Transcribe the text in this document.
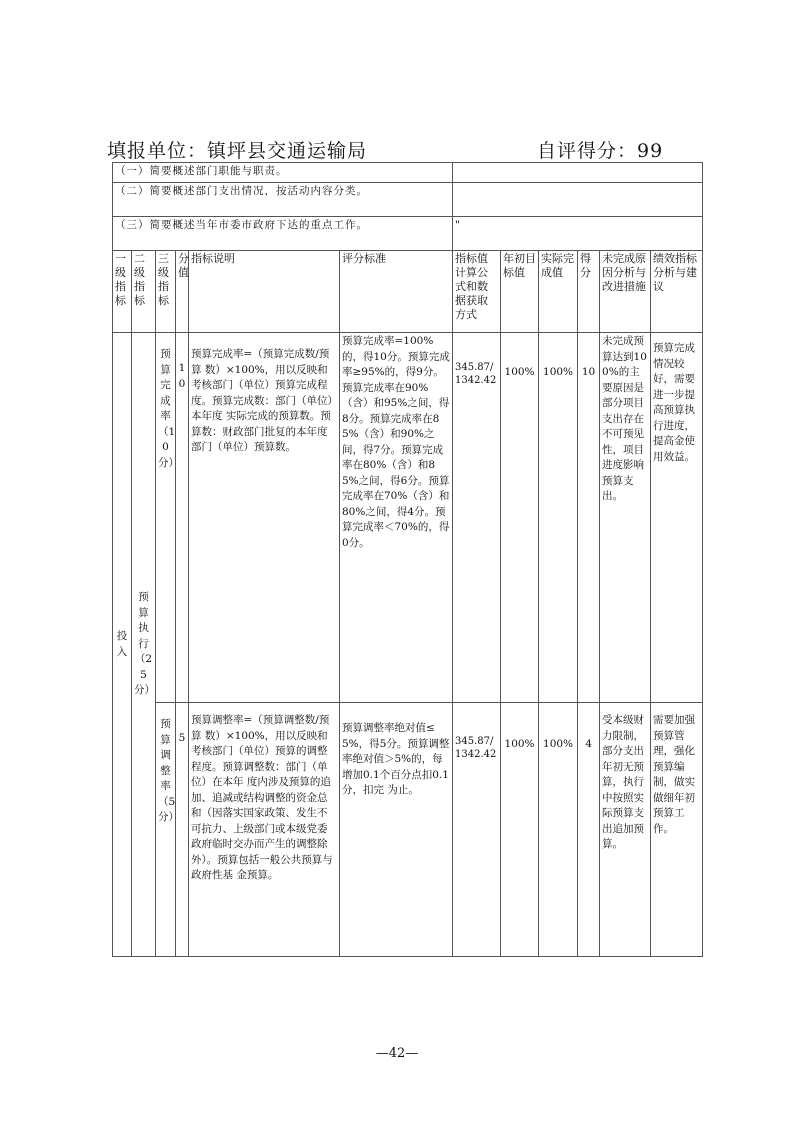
填报单位：镇坪县交通运输局	自评得分：99
（一）简要概述部门职能与职责。											
（二）简要概述部门支出情况，按活动内容分类。											
（三）简要概述当年市委市政府下达的重点工作。						"					
一级指标	二级指标	三级指标	分值	指标说明	评分标准	指标值计算公式和数据获取方式	年初目标值	实际完成值	得分	未完成原因分析与改进措施	绩效指标分析与建议
投入	预算执行（25分）	预算完成率（10分）	10	预算完成率=（预算完成数/预算 数）×100%，用以反映和考核部门（单位）预算完成程度。预算完成数：部门（单位）本年度 实际完成的预算数。预算数：财政部门批复的本年度部门（单位）预算数。	预算完成率=100%的，得10分。预算完成率≥95%的，得9分。预算完成率在90%（含）和95%之间，得8分。预算完成率在85%（含）和90%之间，得7分。预算完成率在80%（含）和85%之间，得6分。预算完成率在70%（含）和80%之间，得4分。预算完成率＜70%的，得0分。	345.87/1342.42	100%	100%	10	未完成预算达到100%的主要原因是部分项目支出存在不可预见性，项目进度影响预算支出。	预算完成情况较好，需要进一步提高预算执行进度，提高金使用效益。
		预算调整率（5分）	5	预算调整率=（预算调整数/预算 数）×100%，用以反映和考核部门（单位）预算的调整程度。预算调整数：部门（单位）在本年 度内涉及预算的追加、追减或结构调整的资金总和（因落实国家政策、发生不可抗力、上级部门或本级党委政府临时交办而产生的调整除 外）。预算包括一般公共预算与政府性基 金预算。	预算调整率绝对值≤5%，得5分。预算调整率绝对值＞5%的，每增加0.1个百分点扣0.1分，扣完 为止。	345.87/1342.42	100%	100%	4	受本级财力限制，部分支出年初无预算，执行中按照实际预算支出追加预算。	需要加强预算管理，强化预算编制，做实做细年初预算工作。
—42—
